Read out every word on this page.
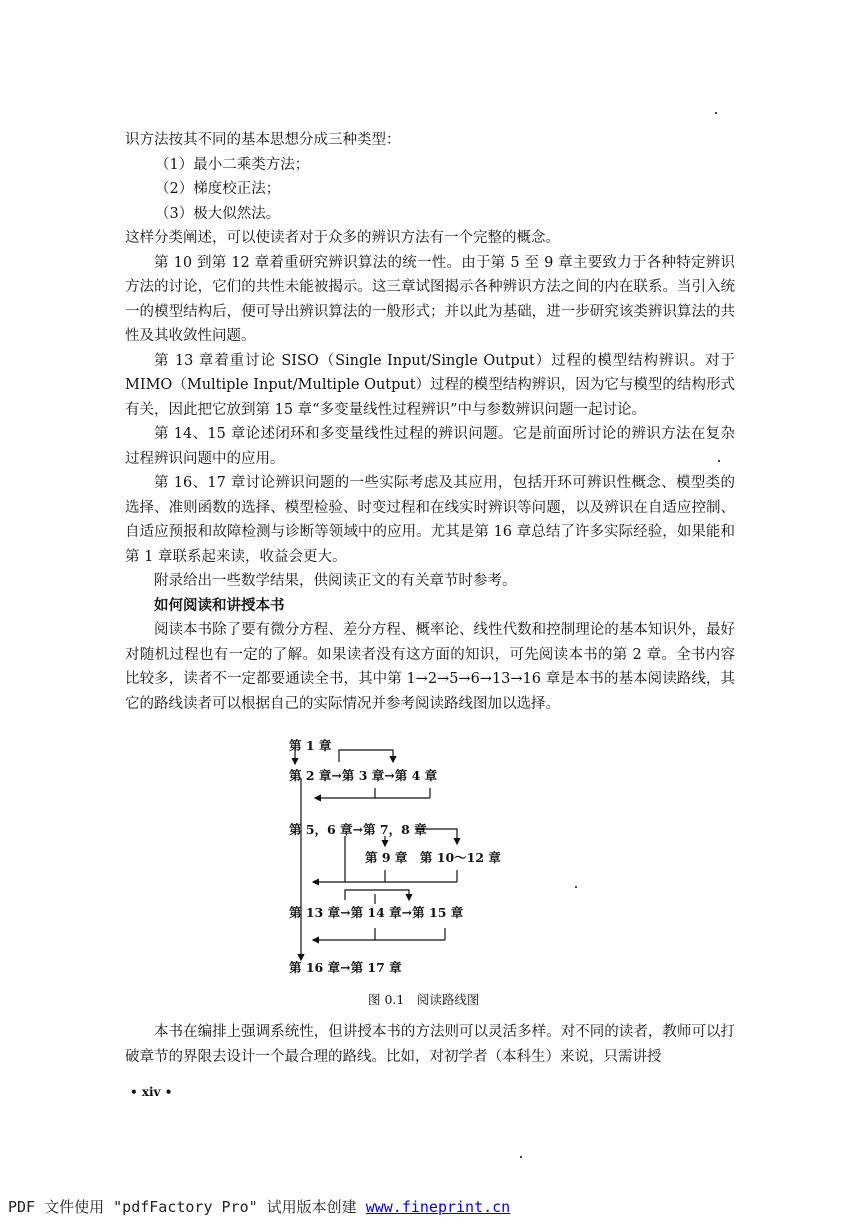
识方法按其不同的基本思想分成三种类型：

（1）最小二乘类方法；

（2）梯度校正法；

（3）极大似然法。

这样分类阐述，可以使读者对于众多的辨识方法有一个完整的概念。

第 10 到第 12 章着重研究辨识算法的统一性。由于第 5 至 9 章主要致力于各种特定辨识方法的讨论，它们的共性未能被揭示。这三章试图揭示各种辨识方法之间的内在联系。当引入统一的模型结构后，便可导出辨识算法的一般形式；并以此为基础，进一步研究该类辨识算法的共性及其收敛性问题。

第 13 章着重讨论 SISO（Single Input/Single Output）过程的模型结构辨识。对于 MIMO（Multiple Input/Multiple Output）过程的模型结构辨识，因为它与模型的结构形式有关，因此把它放到第 15 章“多变量线性过程辨识”中与参数辨识问题一起讨论。

第 14、15 章论述闭环和多变量线性过程的辨识问题。它是前面所讨论的辨识方法在复杂过程辨识问题中的应用。

第 16、17 章讨论辨识问题的一些实际考虑及其应用，包括开环可辨识性概念、模型类的选择、准则函数的选择、模型检验、时变过程和在线实时辨识等问题，以及辨识在自适应控制、自适应预报和故障检测与诊断等领域中的应用。尤其是第 16 章总结了许多实际经验，如果能和第 1 章联系起来读，收益会更大。

附录给出一些数学结果，供阅读正文的有关章节时参考。

如何阅读和讲授本书

阅读本书除了要有微分方程、差分方程、概率论、线性代数和控制理论的基本知识外，最好对随机过程也有一定的了解。如果读者没有这方面的知识，可先阅读本书的第 2 章。全书内容比较多，读者不一定都要通读全书，其中第 1→2→5→6→13→16 章是本书的基本阅读路线，其它的路线读者可以根据自己的实际情况并参考阅读路线图加以选择。

第 1 章
第 2 章→第 3 章→第 4 章
第 5，6 章→第 7，8 章
第 9 章　第 10～12 章
第 13 章→第 14 章→第 15 章
第 16 章→第 17 章
图 0.1　阅读路线图

本书在编排上强调系统性，但讲授本书的方法则可以灵活多样。对不同的读者，教师可以打破章节的界限去设计一个最合理的路线。比如，对初学者（本科生）来说，只需讲授

• xiv •
PDF 文件使用 "pdfFactory Pro" 试用版本创建 www.fineprint.cn
